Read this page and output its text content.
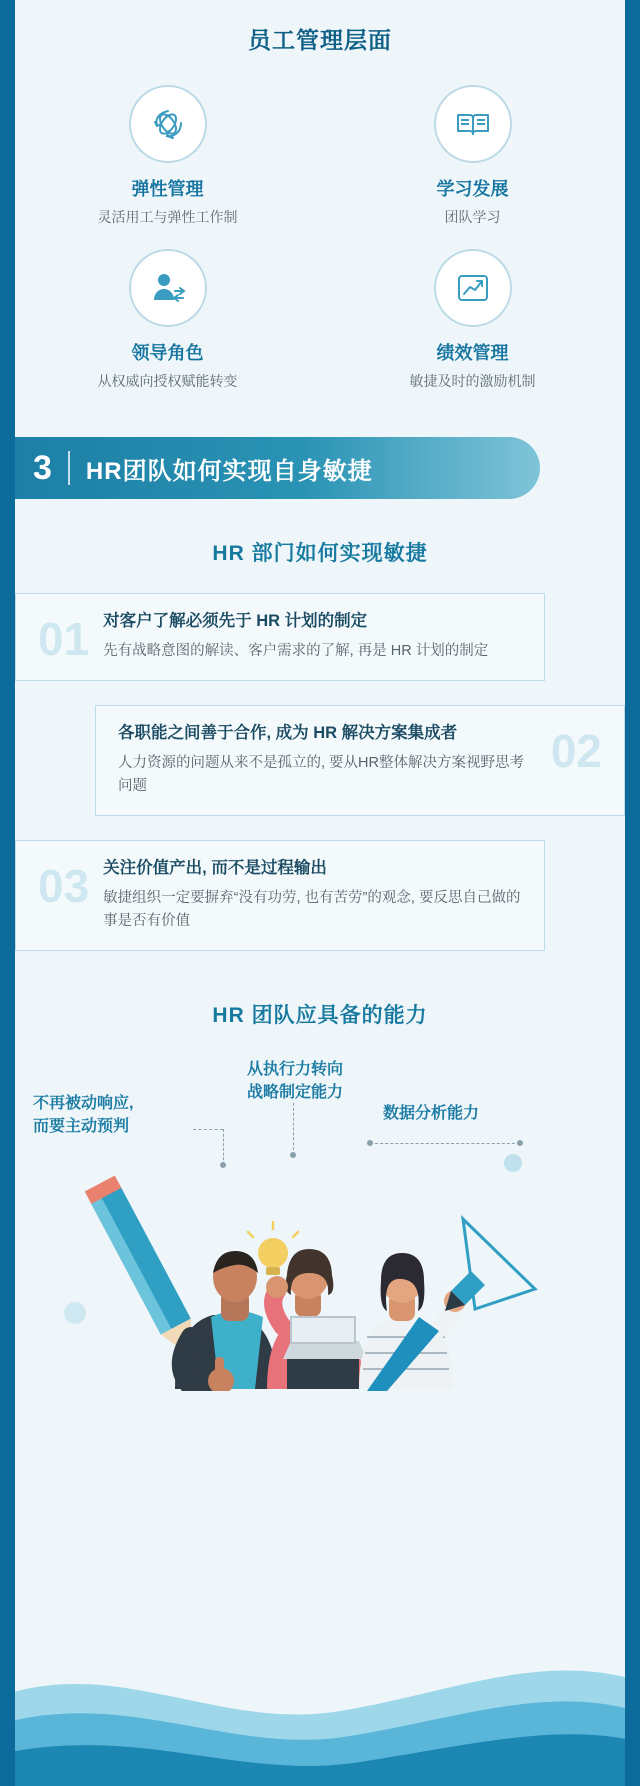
员工管理层面
弹性管理
灵活用工与弹性工作制
学习发展
团队学习
领导角色
从权威向授权赋能转变
绩效管理
敏捷及时的激励机制
3	HR团队如何实现自身敏捷
HR 部门如何实现敏捷
01 对客户了解必须先于 HR 计划的制定
先有战略意图的解读、客户需求的了解, 再是 HR 计划的制定
02
各职能之间善于合作, 成为 HR 解决方案集成者
人力资源的问题从来不是孤立的, 要从HR整体解决方案视野思考问题
03 关注价值产出, 而不是过程输出
敏捷组织一定要摒弃“没有功劳, 也有苦劳”的观念, 要反思自己做的事是否有价值
HR 团队应具备的能力
不再被动响应,
而要主动预判
从执行力转向
战略制定能力
数据分析能力
